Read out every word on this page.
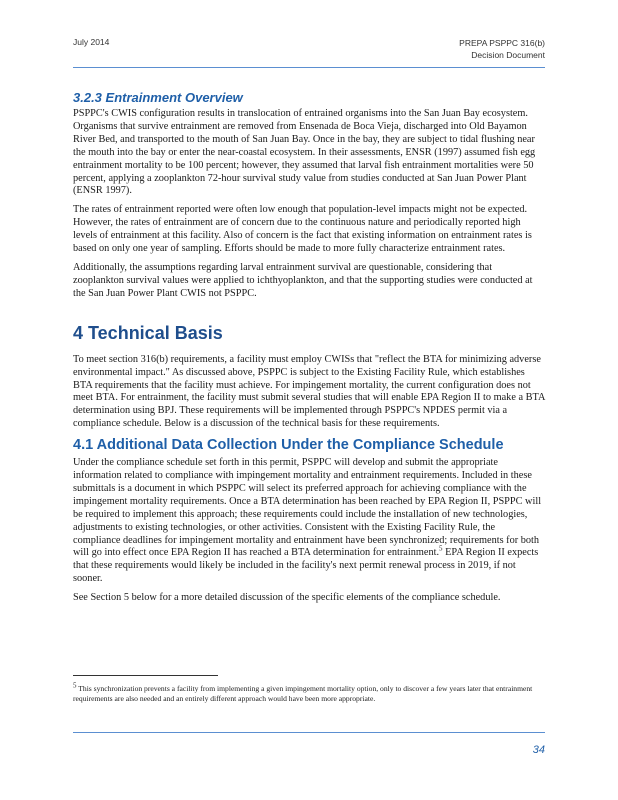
July 2014	PREPA PSPPC 316(b)
Decision Document
3.2.3 Entrainment Overview

PSPPC's CWIS configuration results in translocation of entrained organisms into the San Juan Bay ecosystem. Organisms that survive entrainment are removed from Ensenada de Boca Vieja, discharged into Old Bayamon River Bed, and transported to the mouth of San Juan Bay. Once in the bay, they are subject to tidal flushing near the mouth into the bay or enter the near-coastal ecosystem. In their assessments, ENSR (1997) assumed fish egg entrainment mortality to be 100 percent; however, they assumed that larval fish entrainment mortalities were 50 percent, applying a zooplankton 72-hour survival study value from studies conducted at San Juan Power Plant (ENSR 1997).

The rates of entrainment reported were often low enough that population-level impacts might not be expected. However, the rates of entrainment are of concern due to the continuous nature and periodically reported high levels of entrainment at this facility. Also of concern is the fact that existing information on entrainment rates is based on only one year of sampling. Efforts should be made to more fully characterize entrainment rates.

Additionally, the assumptions regarding larval entrainment survival are questionable, considering that zooplankton survival values were applied to ichthyoplankton, and that the supporting studies were conducted at the San Juan Power Plant CWIS not PSPPC.

4 Technical Basis

To meet section 316(b) requirements, a facility must employ CWISs that "reflect the BTA for minimizing adverse environmental impact." As discussed above, PSPPC is subject to the Existing Facility Rule, which establishes BTA requirements that the facility must achieve. For impingement mortality, the current configuration does not meet BTA. For entrainment, the facility must submit several studies that will enable EPA Region II to make a BTA determination using BPJ. These requirements will be implemented through PSPPC's NPDES permit via a compliance schedule. Below is a discussion of the technical basis for these requirements.

4.1 Additional Data Collection Under the Compliance Schedule

Under the compliance schedule set forth in this permit, PSPPC will develop and submit the appropriate information related to compliance with impingement mortality and entrainment requirements. Included in these submittals is a document in which PSPPC will select its preferred approach for achieving compliance with the impingement mortality requirements. Once a BTA determination has been reached by EPA Region II, PSPPC will be required to implement this approach; these requirements could include the installation of new technologies, adjustments to existing technologies, or other activities. Consistent with the Existing Facility Rule, the compliance deadlines for impingement mortality and entrainment have been synchronized; requirements for both will go into effect once EPA Region II has reached a BTA determination for entrainment.$^5$ EPA Region II expects that these requirements would likely be included in the facility's next permit renewal process in 2019, if not sooner.

See Section 5 below for a more detailed discussion of the specific elements of the compliance schedule.

$^5$ This synchronization prevents a facility from implementing a given impingement mortality option, only to discover a few years later that entrainment requirements are also needed and an entirely different approach would have been more appropriate.
34
